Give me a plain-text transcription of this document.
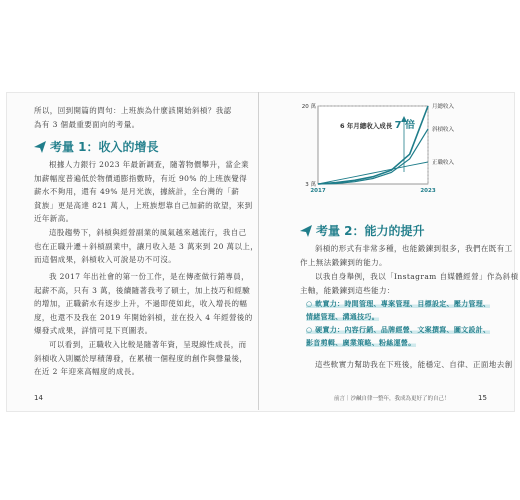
所以，回到開篇的問句：上班族為什麼該開始斜槓？我認
為有 3 個最重要面向的考量。
考量 1：收入的增長
根據人力銀行 2023 年最新調查，隨著物價攀升，當企業
加薪幅度普遍低於物價通膨指數時，有近 90% 的上班族覺得
薪水不夠用，還有 49% 是月光族，據統計，全台灣的「薪
貧族」更是高達 821 萬人，上班族想靠自己加薪的欲望，來到
近年新高。
這股趨勢下，斜槓與經營副業的風氣越來越流行，我自己
也在正職升遷＋斜槓副業中，讓月收入是 3 萬來到 20 萬以上，
而這個成果，斜槓收入可說是功不可沒。
我 2017 年出社會的第一份工作，是在傳產做行銷專員，
起薪不高，只有 3 萬，後續隨著我考了碩士，加上技巧和經驗
的增加，正職薪水有逐步上升，不過即使如此，收入增長的幅
度，也還不及我在 2019 年開始斜槓，並在投入 4 年經營後的
爆發式成果，詳情可見下頁圖表。
可以看到，正職收入比較是隨著年資，呈現線性成長，而
斜槓收入則屬於厚積薄發，在累積一個程度的創作與聲量後，
在近 2 年迎來高幅度的成長。
14
20 萬
3 萬
2017	2023
月總收入
斜槓收入
正職收入
6 年月總收入成長 7 倍
考量 2：能力的提升
斜槓的形式有非常多種，也能鍛鍊到很多，我們在既有工
作上無法鍛鍊到的能力。
以我自身舉例，我以「Instagram 自媒體經營」作為斜槓
主軸，能鍛鍊到這些能力：
○ 軟實力：時間管理、專案管理、目標設定、壓力管理、
情緒管理、溝通技巧。
○ 硬實力：內容行銷、品牌經營、文案撰寫、圖文設計、
影音剪輯、廣業策略、粉絲運營。
這些軟實力幫助我在下班後，能穩定、自律、正面地去創
前言｜沙鹹自律一整年，我成為更好了的自己！	15
